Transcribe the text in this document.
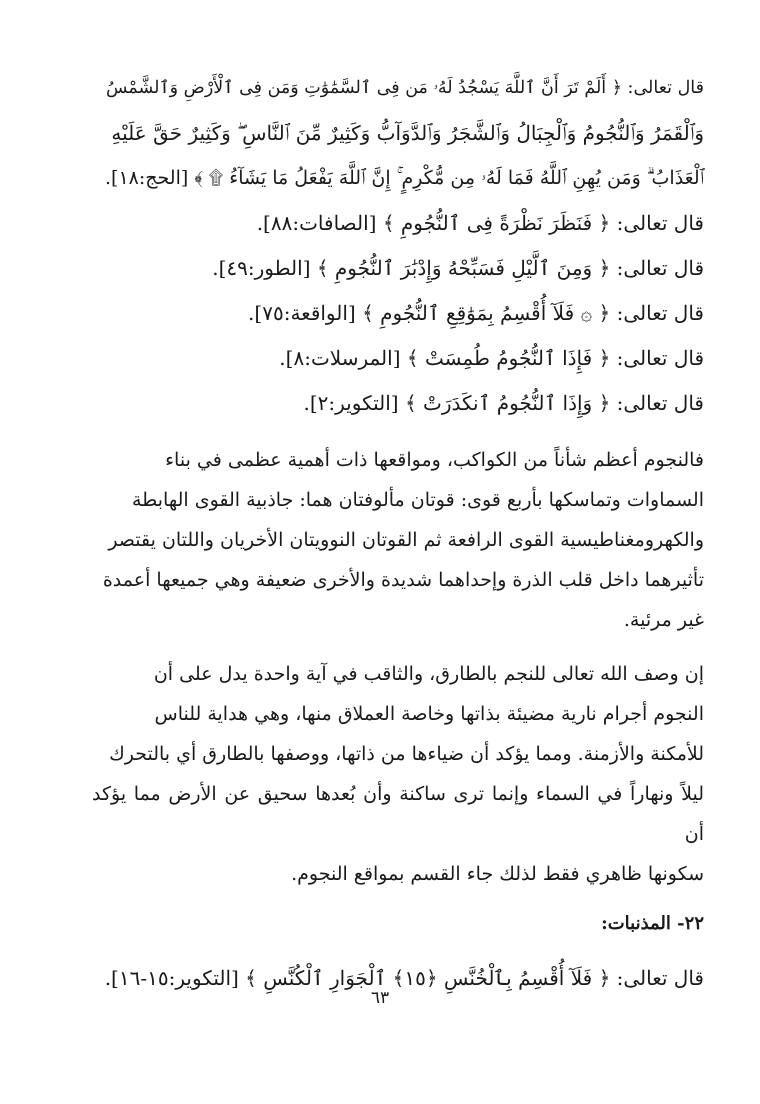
قال تعالى: ﴿ أَلَمْ تَرَ أَنَّ ٱللَّهَ يَسْجُدُ لَهُۥ مَن فِى ٱلسَّمَٰوَٰتِ وَمَن فِى ٱلْأَرْضِ وَٱلشَّمْسُ

وَٱلْقَمَرُ وَٱلنُّجُومُ وَٱلْجِبَالُ وَٱلشَّجَرُ وَٱلدَّوَآبُّ وَكَثِيرٌ مِّنَ ٱلنَّاسِ ۖ وَكَثِيرٌ حَقَّ عَلَيْهِ

ٱلْعَذَابُ ۗ وَمَن يُهِنِ ٱللَّهُ فَمَا لَهُۥ مِن مُّكْرِمٍ ۚ إِنَّ ٱللَّهَ يَفْعَلُ مَا يَشَآءُ ۩ ﴾ [الحج:١٨].

قال تعالى: ﴿ فَنَظَرَ نَظْرَةً فِى ٱلنُّجُومِ ﴾ [الصافات:٨٨].

قال تعالى: ﴿ وَمِنَ ٱلَّيْلِ فَسَبِّحْهُ وَإِدْبَٰرَ ٱلنُّجُومِ ﴾ [الطور:٤٩].

قال تعالى: ﴿ ۞ فَلَآ أُقْسِمُ بِمَوَٰقِعِ ٱلنُّجُومِ ﴾ [الواقعة:٧٥].

قال تعالى: ﴿ فَإِذَا ٱلنُّجُومُ طُمِسَتْ ﴾ [المرسلات:٨].

قال تعالى: ﴿ وَإِذَا ٱلنُّجُومُ ٱنكَدَرَتْ ﴾ [التكوير:٢].

فالنجوم أعظم شأناً من الكواكب، ومواقعها ذات أهمية عظمى في بناء

السماوات وتماسكها بأربع قوى: قوتان مألوفتان هما: جاذبية القوى الهابطة

والكهرومغناطيسية القوى الرافعة ثم القوتان النوويتان الأخريان واللتان يقتصر

تأثيرهما داخل قلب الذرة وإحداهما شديدة والأخرى ضعيفة وهي جميعها أعمدة

غير مرئية.

إن وصف الله تعالى للنجم بالطارق، والثاقب في آية واحدة يدل على أن

النجوم أجرام نارية مضيئة بذاتها وخاصة العملاق منها، وهي هداية للناس

للأمكنة والأزمنة. ومما يؤكد أن ضياءها من ذاتها، ووصفها بالطارق أي بالتحرك

ليلاً ونهاراً في السماء وإنما ترى ساكنة وأن بُعدها سحيق عن الأرض مما يؤكد أن

سكونها ظاهري فقط لذلك جاء القسم بمواقع النجوم.

٢٢- المذنبات:

قال تعالى: ﴿ فَلَآ أُقْسِمُ بِٱلْخُنَّسِ ﴿١٥﴾ ٱلْجَوَارِ ٱلْكُنَّسِ ﴾ [التكوير:١٥-١٦].

٦٣
